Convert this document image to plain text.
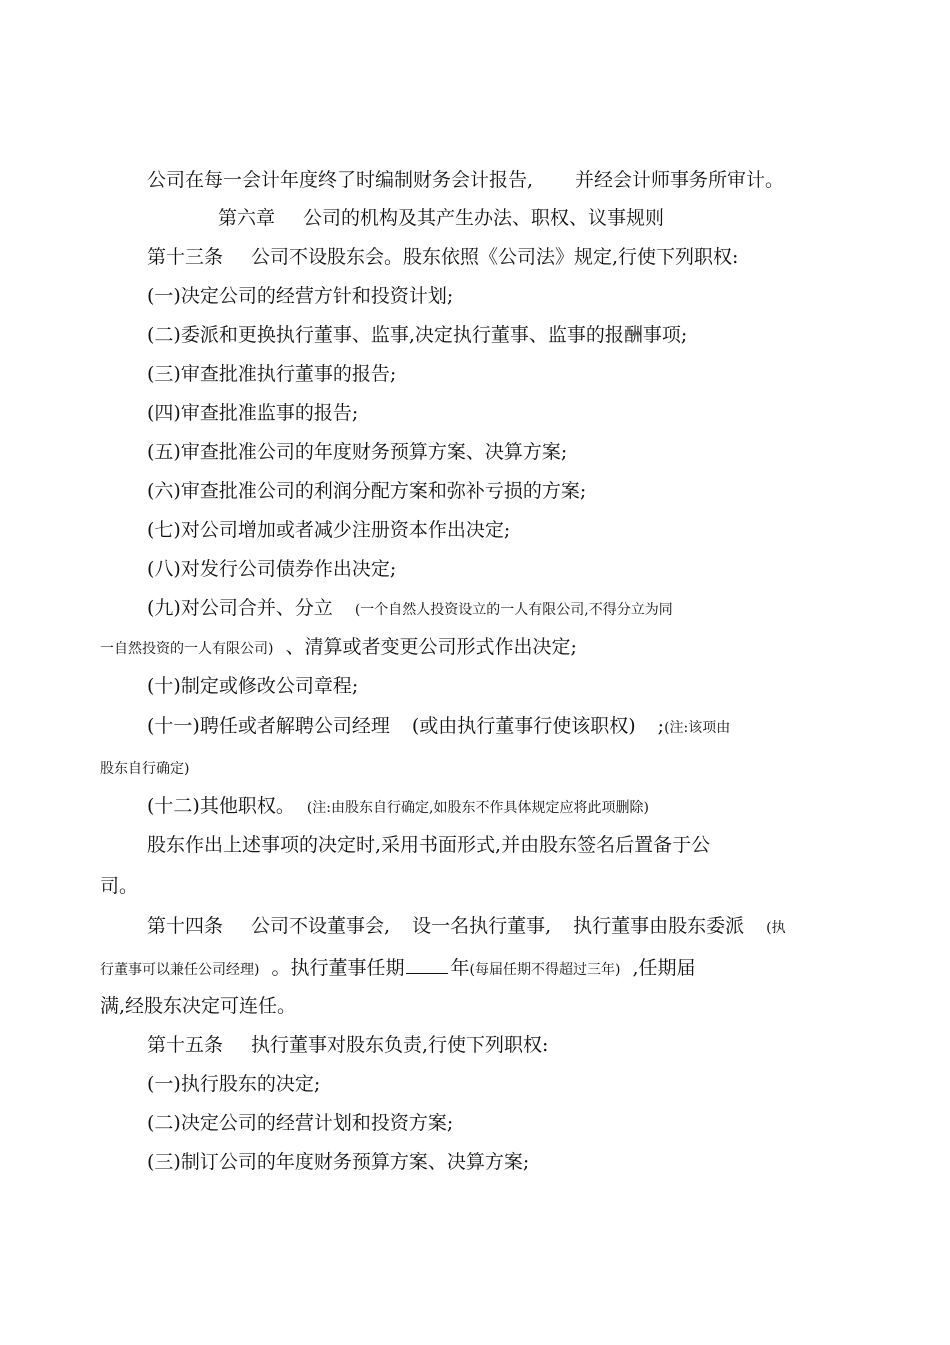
公司在每一会计年度终了时编制财务会计报告, 并经会计师事务所审计。
第六章 公司的机构及其产生办法、职权、议事规则
第十三条 公司不设股东会。股东依照《公司法》规定,行使下列职权:
(一)决定公司的经营方针和投资计划;
(二)委派和更换执行董事、监事,决定执行董事、监事的报酬事项;
(三)审查批准执行董事的报告;
(四)审查批准监事的报告;
(五)审查批准公司的年度财务预算方案、决算方案;
(六)审查批准公司的利润分配方案和弥补亏损的方案;
(七)对公司增加或者减少注册资本作出决定;
(八)对发行公司债券作出决定;
(九)对公司合并、分立 (一个自然人投资设立的一人有限公司,不得分立为同
一自然投资的一人有限公司) 、清算或者变更公司形式作出决定;
(十)制定或修改公司章程;
(十一)聘任或者解聘公司经理 (或由执行董事行使该职权) ;(注:该项由
股东自行确定)
(十二)其他职权。 (注:由股东自行确定,如股东不作具体规定应将此项删除)
股东作出上述事项的决定时,采用书面形式,并由股东签名后置备于公
司。
第十四条 公司不设董事会, 设一名执行董事, 执行董事由股东委派 (执
行董事可以兼任公司经理) 。执行董事任期 年(每届任期不得超过三年) ,任期届
满,经股东决定可连任。
第十五条 执行董事对股东负责,行使下列职权:
(一)执行股东的决定;
(二)决定公司的经营计划和投资方案;
(三)制订公司的年度财务预算方案、决算方案;
